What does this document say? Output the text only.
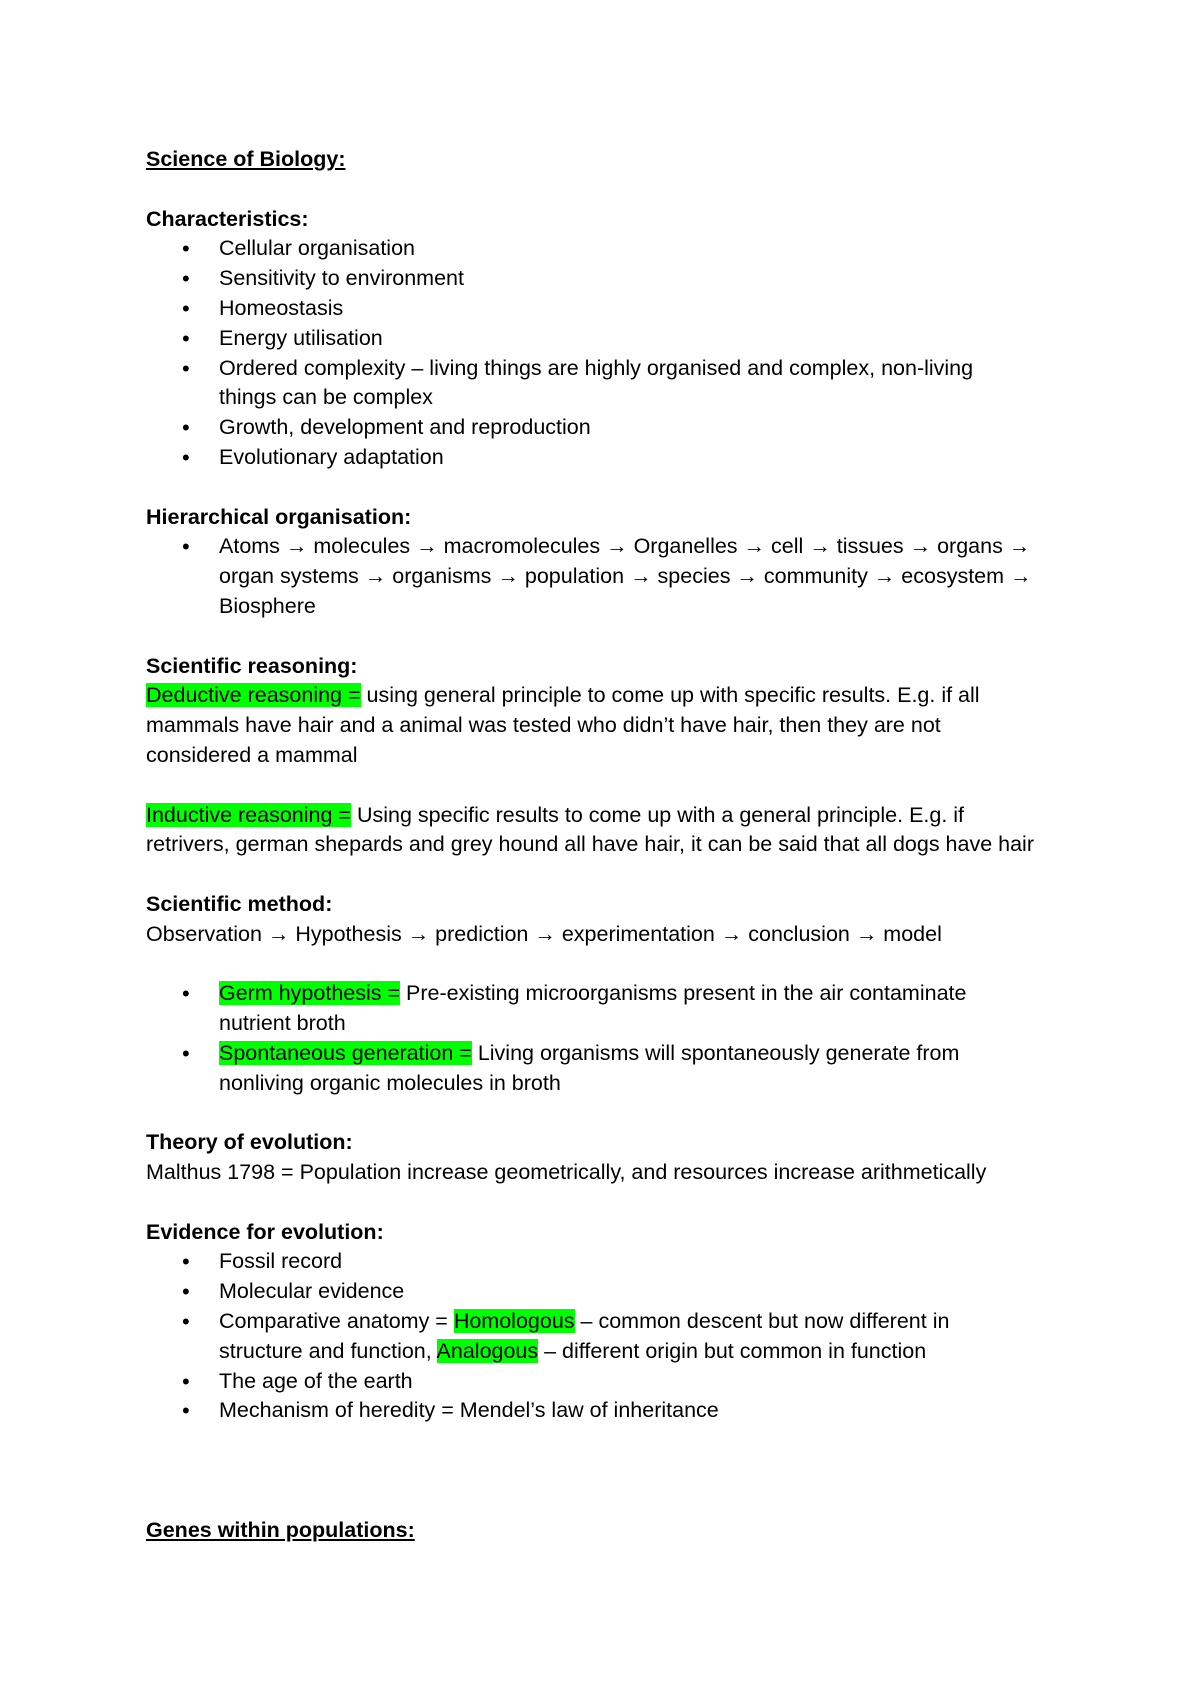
Science of Biology:
Characteristics:
• Cellular organisation
• Sensitivity to environment
• Homeostasis
• Energy utilisation
• Ordered complexity – living things are highly organised and complex, non-living
things can be complex
• Growth, development and reproduction
• Evolutionary adaptation
Hierarchical organisation:
• Atoms → molecules → macromolecules → Organelles → cell → tissues → organs →
organ systems → organisms → population → species → community → ecosystem →
Biosphere
Scientific reasoning:
Deductive reasoning = using general principle to come up with specific results. E.g. if all
mammals have hair and a animal was tested who didn’t have hair, then they are not
considered a mammal
Inductive reasoning = Using specific results to come up with a general principle. E.g. if
retrivers, german shepards and grey hound all have hair, it can be said that all dogs have hair
Scientific method:
Observation → Hypothesis → prediction → experimentation → conclusion → model
• Germ hypothesis = Pre-existing microorganisms present in the air contaminate
nutrient broth
• Spontaneous generation = Living organisms will spontaneously generate from
nonliving organic molecules in broth
Theory of evolution:
Malthus 1798 = Population increase geometrically, and resources increase arithmetically
Evidence for evolution:
• Fossil record
• Molecular evidence
• Comparative anatomy = Homologous – common descent but now different in
structure and function, Analogous – different origin but common in function
• The age of the earth
• Mechanism of heredity = Mendel’s law of inheritance
Genes within populations:
